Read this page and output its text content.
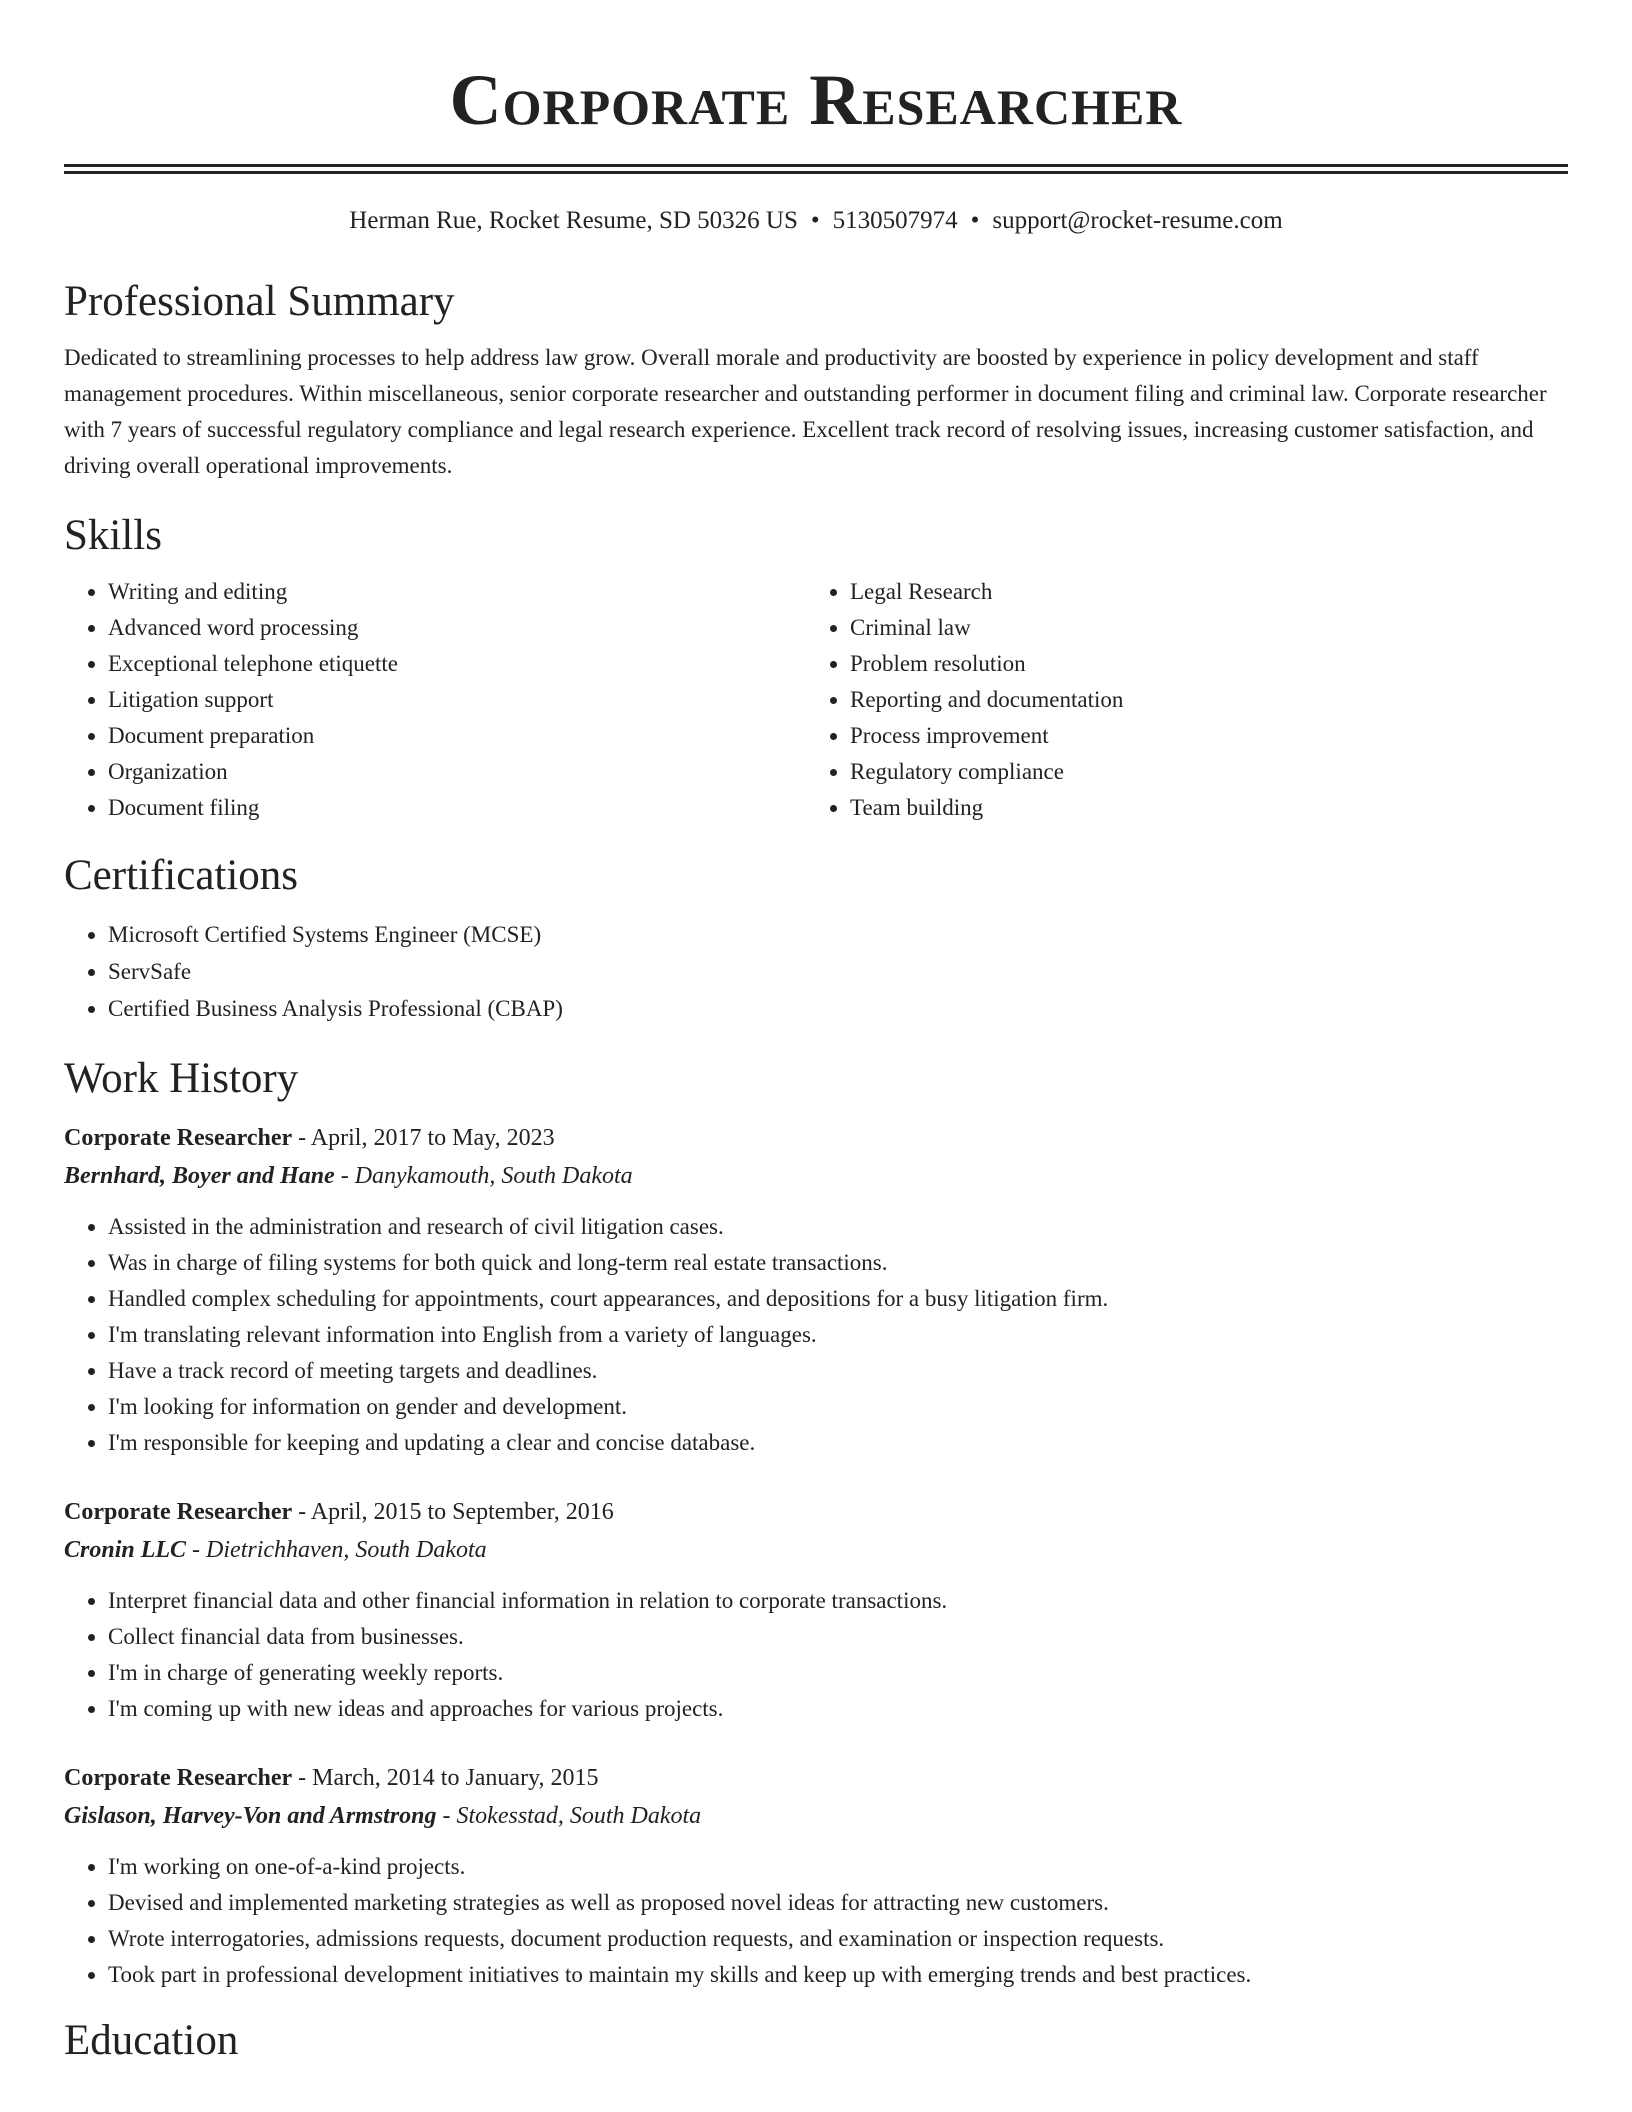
Corporate Researcher
Herman Rue, Rocket Resume, SD 50326 US • 5130507974 • support@rocket-resume.com
Professional Summary

Dedicated to streamlining processes to help address law grow. Overall morale and productivity are boosted by experience in policy development and staff management procedures. Within miscellaneous, senior corporate researcher and outstanding performer in document filing and criminal law. Corporate researcher with 7 years of successful regulatory compliance and legal research experience. Excellent track record of resolving issues, increasing customer satisfaction, and driving overall operational improvements.

Skills
• Writing and editing
• Advanced word processing
• Exceptional telephone etiquette
• Litigation support
• Document preparation
• Organization
• Document filing
• Legal Research
• Criminal law
• Problem resolution
• Reporting and documentation
• Process improvement
• Regulatory compliance
• Team building
Certifications
• Microsoft Certified Systems Engineer (MCSE)
• ServSafe
• Certified Business Analysis Professional (CBAP)
Work History
Corporate Researcher - April, 2017 to May, 2023
Bernhard, Boyer and Hane - Danykamouth, South Dakota
• Assisted in the administration and research of civil litigation cases.
• Was in charge of filing systems for both quick and long-term real estate transactions.
• Handled complex scheduling for appointments, court appearances, and depositions for a busy litigation firm.
• I'm translating relevant information into English from a variety of languages.
• Have a track record of meeting targets and deadlines.
• I'm looking for information on gender and development.
• I'm responsible for keeping and updating a clear and concise database.
Corporate Researcher - April, 2015 to September, 2016
Cronin LLC - Dietrichhaven, South Dakota
• Interpret financial data and other financial information in relation to corporate transactions.
• Collect financial data from businesses.
• I'm in charge of generating weekly reports.
• I'm coming up with new ideas and approaches for various projects.
Corporate Researcher - March, 2014 to January, 2015
Gislason, Harvey-Von and Armstrong - Stokesstad, South Dakota
• I'm working on one-of-a-kind projects.
• Devised and implemented marketing strategies as well as proposed novel ideas for attracting new customers.
• Wrote interrogatories, admissions requests, document production requests, and examination or inspection requests.
• Took part in professional development initiatives to maintain my skills and keep up with emerging trends and best practices.
Education
